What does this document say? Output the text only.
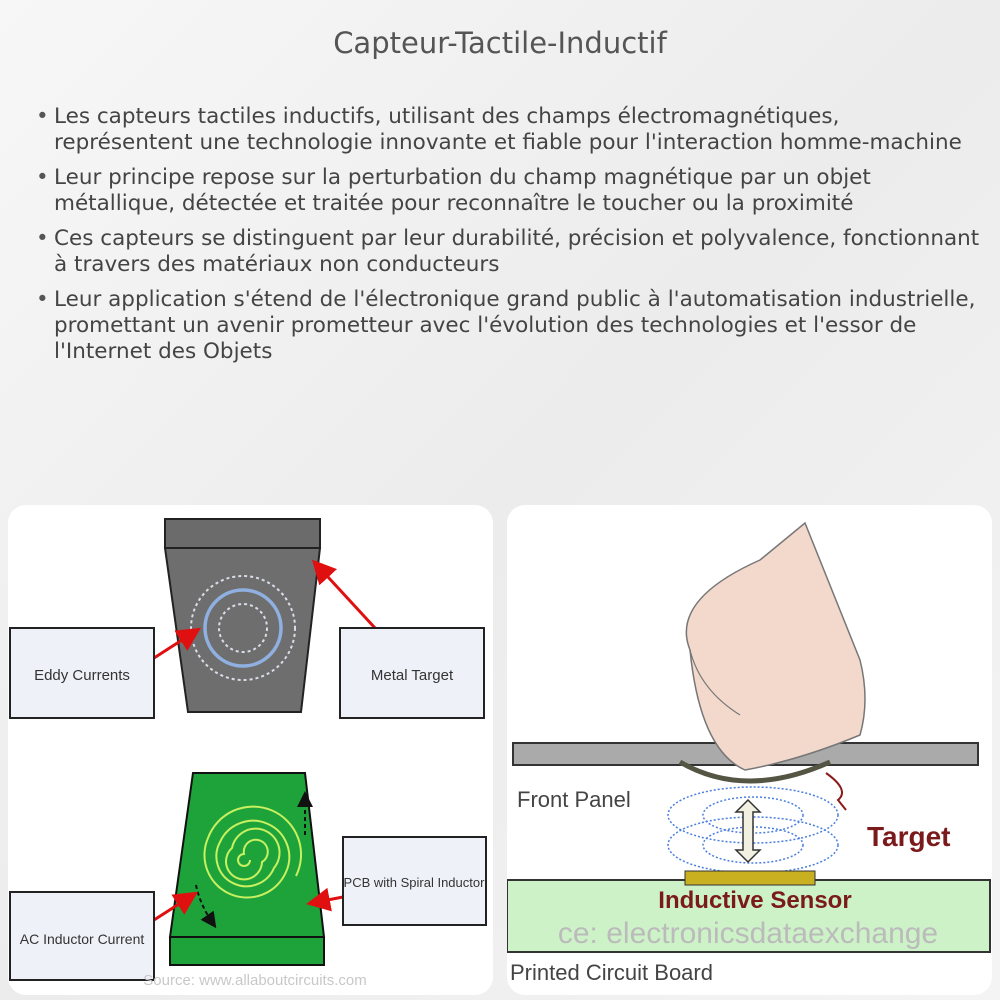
Capteur-Tactile-Inductif
• Les capteurs tactiles inductifs, utilisant des champs électromagnétiques, représentent une technologie innovante et fiable pour l'interaction homme-machine
• Leur principe repose sur la perturbation du champ magnétique par un objet métallique, détectée et traitée pour reconnaître le toucher ou la proximité
• Ces capteurs se distinguent par leur durabilité, précision et polyvalence, fonctionnant à travers des matériaux non conducteurs
• Leur application s'étend de l'électronique grand public à l'automatisation industrielle, promettant un avenir prometteur avec l'évolution des technologies et l'essor de l'Internet des Objets
Eddy Currents	Metal Target
PCB with Spiral Inductor
AC Inductor Current
Source: www.allaboutcircuits.com
Inductive Sensor
ce: electronicsdataexchange
Front Panel
Target
Printed Circuit Board
